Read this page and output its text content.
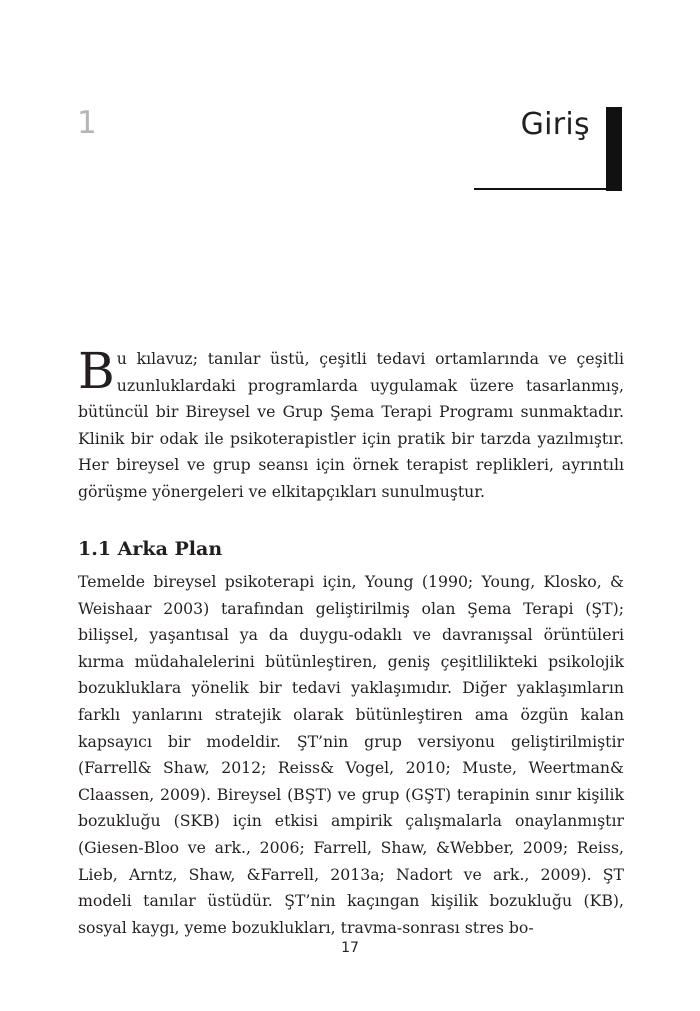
1	Giriş

Bu kılavuz; tanılar üstü, çeşitli tedavi ortamlarında ve çeşitli uzunluklardaki programlarda uygulamak üzere tasarlanmış, bütüncül bir Bireysel ve Grup Şema Terapi Programı sunmaktadır. Klinik bir odak ile psikoterapistler için pratik bir tarzda yazılmıştır. Her bireysel ve grup seansı için örnek terapist replikleri, ayrıntılı görüşme yönergeleri ve elkitapçıkları sunulmuştur.

1.1 Arka Plan

Temelde bireysel psikoterapi için, Young (1990; Young, Klosko, & Weishaar 2003) tarafından geliştirilmiş olan Şema Terapi (ŞT); bilişsel, yaşantısal ya da duygu-odaklı ve davranışsal örüntüleri kırma müdahalelerini bütünleştiren, geniş çeşitlilikteki psikolojik bozukluklara yönelik bir tedavi yaklaşımıdır. Diğer yaklaşımların farklı yanlarını stratejik olarak bütünleştiren ama özgün kalan kapsayıcı bir modeldir. ŞT’nin grup versiyonu geliştirilmiştir (Farrell& Shaw, 2012; Reiss& Vogel, 2010; Muste, Weertman& Claassen, 2009). Bireysel (BŞT) ve grup (GŞT) terapinin sınır kişilik bozukluğu (SKB) için etkisi ampirik çalışmalarla onaylanmıştır (Giesen-Bloo ve ark., 2006; Farrell, Shaw, &Webber, 2009; Reiss, Lieb, Arntz, Shaw, &Farrell, 2013a; Nadort ve ark., 2009). ŞT modeli tanılar üstüdür. ŞT’nin kaçıngan kişilik bozukluğu (KB), sosyal kaygı, yeme bozuklukları, travma-sonrası stres bo-

17
